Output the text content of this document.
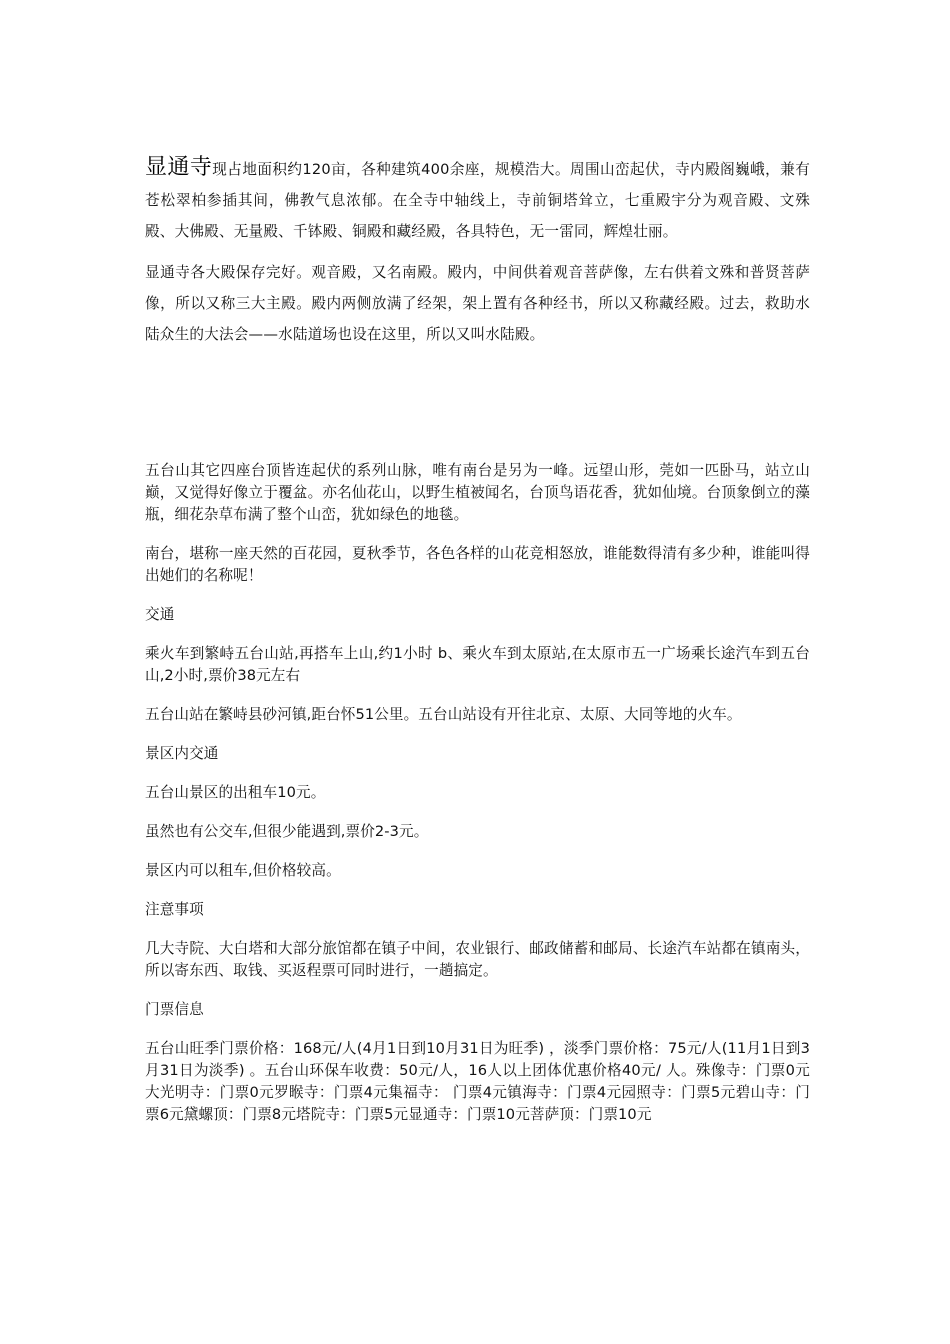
显通寺现占地面积约120亩，各种建筑400余座，规模浩大。周围山峦起伏，寺内殿阁巍峨，兼有苍松翠柏参插其间，佛教气息浓郁。在全寺中轴线上，寺前铜塔耸立，七重殿宇分为观音殿、文殊殿、大佛殿、无量殿、千钵殿、铜殿和藏经殿，各具特色，无一雷同，辉煌壮丽。

显通寺各大殿保存完好。观音殿，又名南殿。殿内，中间供着观音菩萨像，左右供着文殊和普贤菩萨像，所以又称三大主殿。殿内两侧放满了经架，架上置有各种经书，所以又称藏经殿。过去，救助水陆众生的大法会——水陆道场也设在这里，所以又叫水陆殿。

五台山其它四座台顶皆连起伏的系列山脉，唯有南台是另为一峰。远望山形，莞如一匹卧马，站立山巅，又觉得好像立于覆盆。亦名仙花山，以野生植被闻名，台顶鸟语花香，犹如仙境。台顶象倒立的藻瓶，细花杂草布满了整个山峦，犹如绿色的地毯。

南台，堪称一座天然的百花园，夏秋季节，各色各样的山花竞相怒放，谁能数得清有多少种，谁能叫得出她们的名称呢！

交通

乘火车到繁峙五台山站,再搭车上山,约1小时 b、乘火车到太原站,在太原市五一广场乘长途汽车到五台山,2小时,票价38元左右

五台山站在繁峙县砂河镇,距台怀51公里。五台山站设有开往北京、太原、大同等地的火车。

景区内交通

五台山景区的出租车10元。

虽然也有公交车,但很少能遇到,票价2-3元。

景区内可以租车,但价格较高。

注意事项

几大寺院、大白塔和大部分旅馆都在镇子中间，农业银行、邮政储蓄和邮局、长途汽车站都在镇南头，所以寄东西、取钱、买返程票可同时进行，一趟搞定。

门票信息

五台山旺季门票价格：168元/人(4月1日到10月31日为旺季) ，淡季门票价格：75元/人(11月1日到3月31日为淡季) 。五台山环保车收费：50元/人，16人以上团体优惠价格40元/ 人。殊像寺：门票0元大光明寺：门票0元罗睺寺：门票4元集福寺： 门票4元镇海寺：门票4元园照寺：门票5元碧山寺：门票6元黛螺顶：门票8元塔院寺：门票5元显通寺：门票10元菩萨顶：门票10元
